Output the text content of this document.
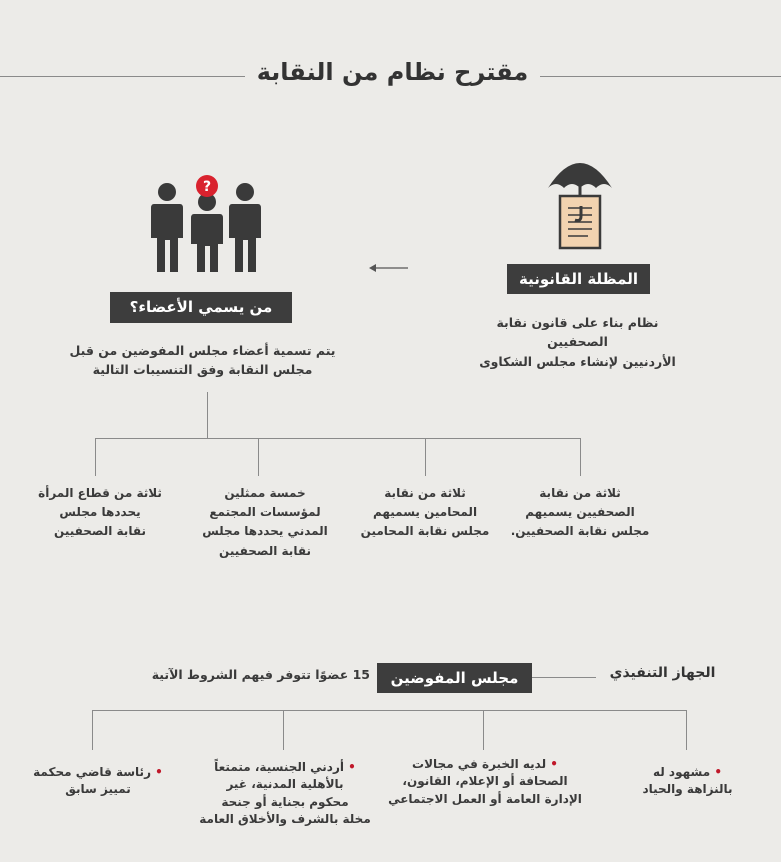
مقترح نظام من النقابة
المظلة القانونية
نظام بناء على قانون نقابة الصحفيين
الأردنيين لإنشاء مجلس الشكاوى
?
من يسمي الأعضاء؟
يتم تسمية أعضاء مجلس المفوضين من قبل
مجلس النقابة وفق التنسيبات التالية
ثلاثة من نقابة
الصحفيين يسميهم
مجلس نقابة الصحفيين.
ثلاثة من نقابة
المحامين يسميهم
مجلس نقابة المحامين
خمسة ممثلين
لمؤسسات المجتمع
المدني يحددها مجلس
نقابة الصحفيين
ثلاثة من قطاع المرأة
يحددها مجلس
نقابة الصحفيين
الجهاز التنفيذي
مجلس المفوضين
15 عضوًا تتوفر فيهم الشروط الآتية
• مشهود له
بالنزاهة والحياد
• لديه الخبرة في مجالات
الصحافة أو الإعلام، القانون،
الإدارة العامة أو العمل الاجتماعي
• أردني الجنسية، متمتعاً
بالأهلية المدنية، غير
محكوم بجناية أو جنحة
مخلة بالشرف والأخلاق العامة
• رئاسة قاضي محكمة
تمييز سابق
